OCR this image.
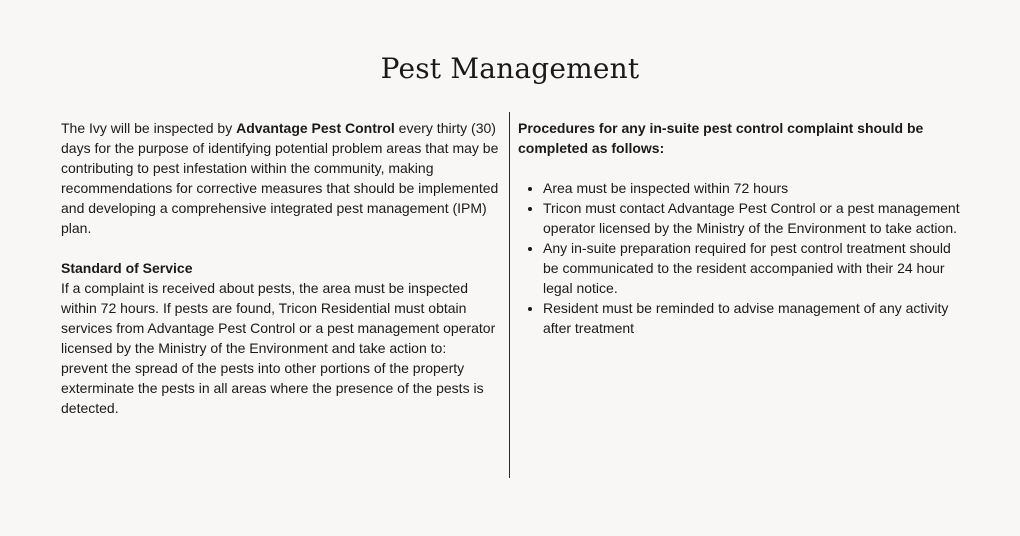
Pest Management

The Ivy will be inspected by Advantage Pest Control every thirty (30) days for the purpose of identifying potential problem areas that may be contributing to pest infestation within the community, making recommendations for corrective measures that should be implemented and developing a comprehensive integrated pest management (IPM) plan.

Standard of Service

If a complaint is received about pests, the area must be inspected within 72 hours. If pests are found, Tricon Residential must obtain services from Advantage Pest Control or a pest management operator licensed by the Ministry of the Environment and take action to:

prevent the spread of the pests into other portions of the property

exterminate the pests in all areas where the presence of the pests is detected.

Procedures for any in-suite pest control complaint should be completed as follows:

• Area must be inspected within 72 hours
• Tricon must contact Advantage Pest Control or a pest management operator licensed by the Ministry of the Environment to take action.
• Any in-suite preparation required for pest control treatment should be communicated to the resident accompanied with their 24 hour legal notice.
• Resident must be reminded to advise management of any activity after treatment
